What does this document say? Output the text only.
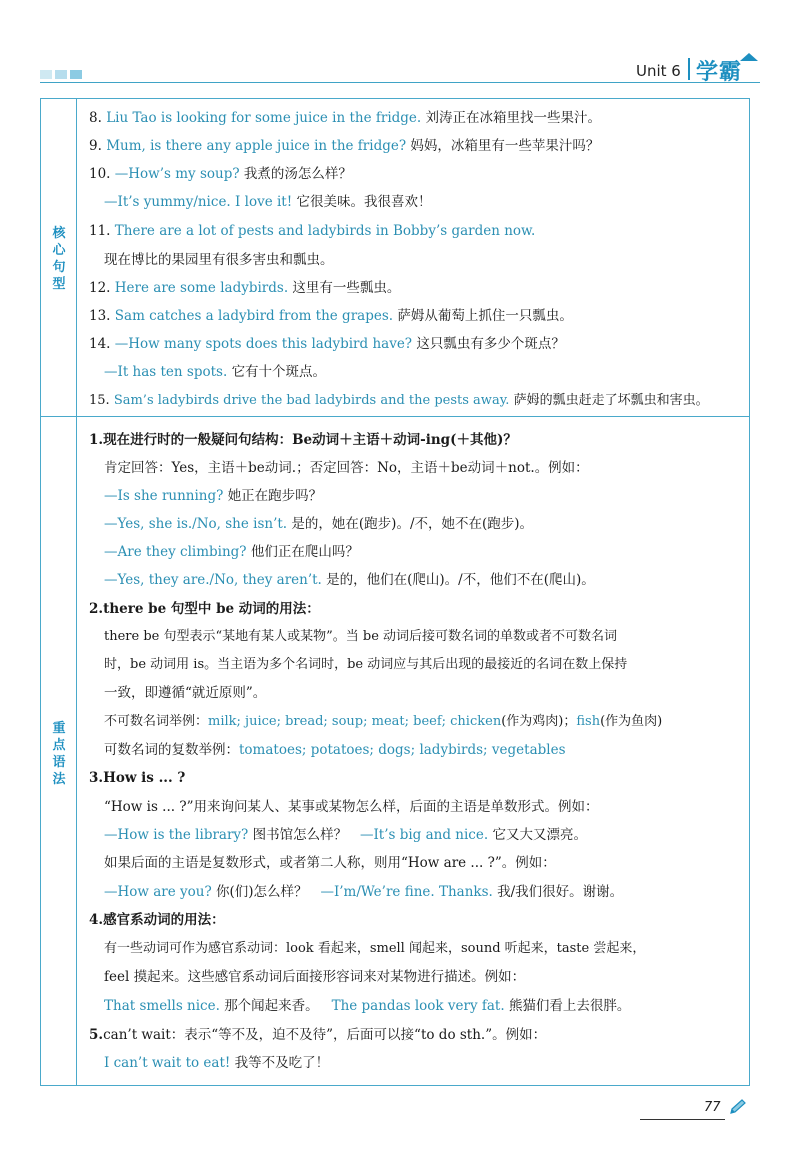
Unit 6 学霸
核心句型
重点语法
8. Liu Tao is looking for some juice in the fridge. 刘涛正在冰箱里找一些果汁。
9. Mum, is there any apple juice in the fridge? 妈妈，冰箱里有一些苹果汁吗？
10. —How’s my soup? 我煮的汤怎么样？
—It’s yummy/nice. I love it! 它很美味。我很喜欢！
11. There are a lot of pests and ladybirds in Bobby’s garden now.
现在博比的果园里有很多害虫和瓢虫。
12. Here are some ladybirds. 这里有一些瓢虫。
13. Sam catches a ladybird from the grapes. 萨姆从葡萄上抓住一只瓢虫。
14. —How many spots does this ladybird have? 这只瓢虫有多少个斑点？
—It has ten spots. 它有十个斑点。
15. Sam’s ladybirds drive the bad ladybirds and the pests away. 萨姆的瓢虫赶走了坏瓢虫和害虫。
1.现在进行时的一般疑问句结构：Be动词＋主语＋动词-ing(＋其他)？
肯定回答：Yes，主语＋be动词.；否定回答：No，主语＋be动词＋not.。例如：
—Is she running? 她正在跑步吗？
—Yes, she is./No, she isn’t. 是的，她在(跑步)。/不，她不在(跑步)。
—Are they climbing? 他们正在爬山吗？
—Yes, they are./No, they aren’t. 是的，他们在(爬山)。/不，他们不在(爬山)。
2.there be 句型中 be 动词的用法：
there be 句型表示“某地有某人或某物”。当 be 动词后接可数名词的单数或者不可数名词
时，be 动词用 is。当主语为多个名词时，be 动词应与其后出现的最接近的名词在数上保持
一致，即遵循“就近原则”。
不可数名词举例：milk; juice; bread; soup; meat; beef; chicken(作为鸡肉)；fish(作为鱼肉)
可数名词的复数举例：tomatoes; potatoes; dogs; ladybirds; vegetables
3.How is ... ?
“How is ... ?”用来询问某人、某事或某物怎么样，后面的主语是单数形式。例如：
—How is the library? 图书馆怎么样？ —It’s big and nice. 它又大又漂亮。
如果后面的主语是复数形式，或者第二人称，则用“How are ... ?”。例如：
—How are you? 你(们)怎么样？ —I’m/We’re fine. Thanks. 我/我们很好。谢谢。
4.感官系动词的用法：
有一些动词可作为感官系动词：look 看起来，smell 闻起来，sound 听起来，taste 尝起来，
feel 摸起来。这些感官系动词后面接形容词来对某物进行描述。例如：
That smells nice. 那个闻起来香。 The pandas look very fat. 熊猫们看上去很胖。
5.can’t wait：表示“等不及，迫不及待”，后面可以接“to do sth.”。例如：
I can’t wait to eat! 我等不及吃了！
77
